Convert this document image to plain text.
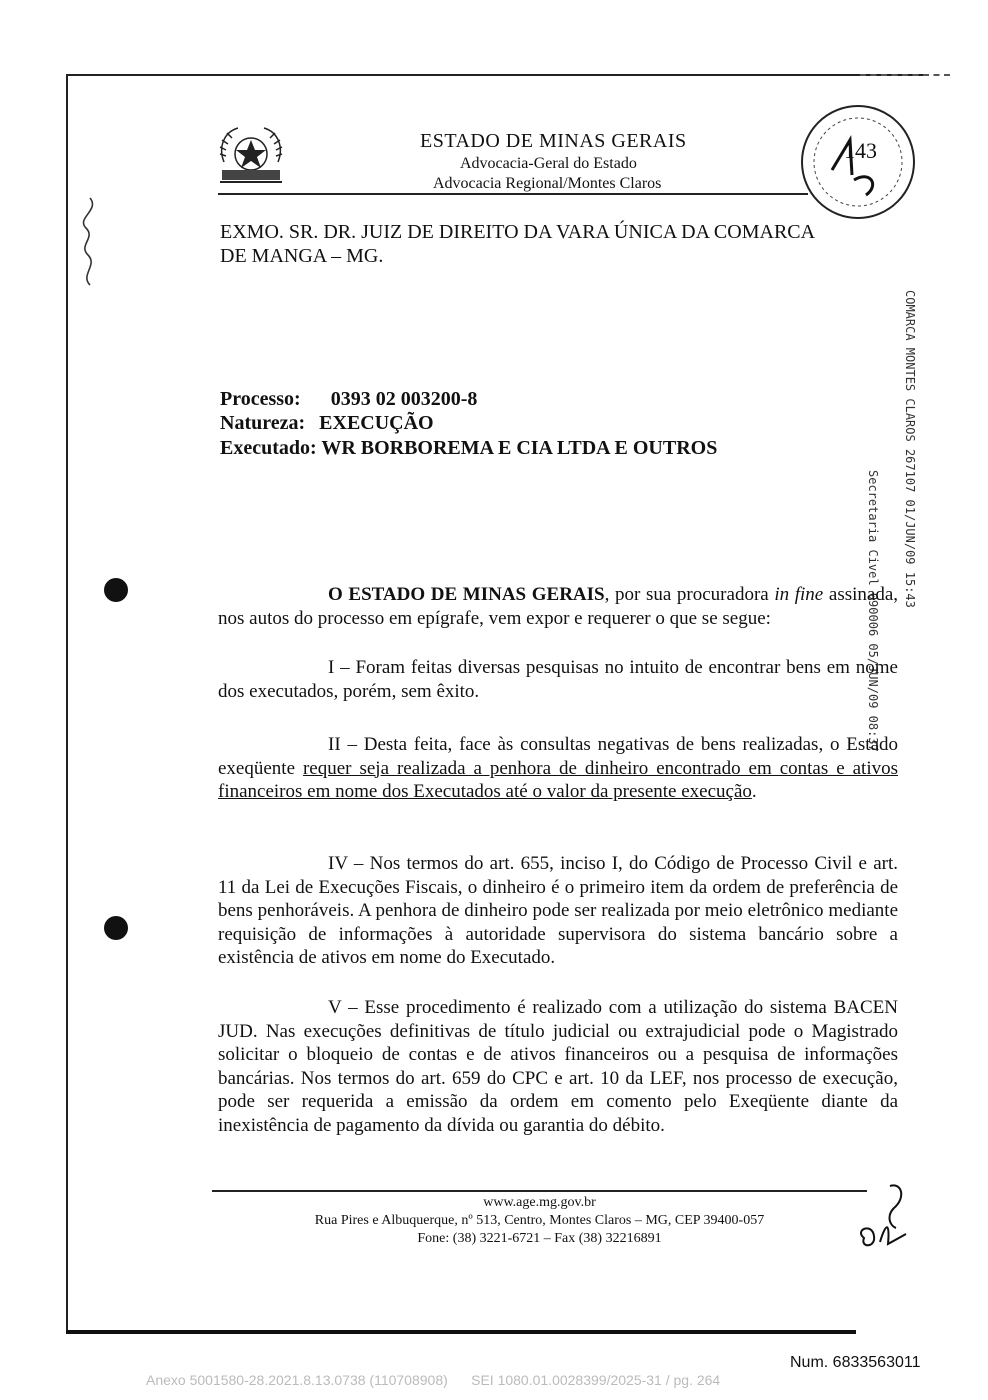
ESTADO DE MINAS GERAIS
Advocacia-Geral do Estado
Advocacia Regional/Montes Claros
143
EXMO. SR. DR. JUIZ DE DIREITO DA VARA ÚNICA DA COMARCA
DE MANGA – MG.
Processo: 0393 02 003200-8
Natureza: EXECUÇÃO
Executado: WR BORBOREMA E CIA LTDA E OUTROS	COMARCA MONTES CLAROS 267107 01/JUN/09 15:43
Secretaria Civel 090006 05/JUN/09 08:37
O ESTADO DE MINAS GERAIS, por sua procuradora in fine assinada, nos autos do processo em epígrafe, vem expor e requerer o que se segue:
I – Foram feitas diversas pesquisas no intuito de encontrar bens em nome dos executados, porém, sem êxito.
II – Desta feita, face às consultas negativas de bens realizadas, o Estado exeqüente requer seja realizada a penhora de dinheiro encontrado em contas e ativos financeiros em nome dos Executados até o valor da presente execução.
IV – Nos termos do art. 655, inciso I, do Código de Processo Civil e art. 11 da Lei de Execuções Fiscais, o dinheiro é o primeiro item da ordem de preferência de bens penhoráveis. A penhora de dinheiro pode ser realizada por meio eletrônico mediante requisição de informações à autoridade supervisora do sistema bancário sobre a existência de ativos em nome do Executado.
V – Esse procedimento é realizado com a utilização do sistema BACEN JUD. Nas execuções definitivas de título judicial ou extrajudicial pode o Magistrado solicitar o bloqueio de contas e de ativos financeiros ou a pesquisa de informações bancárias. Nos termos do art. 659 do CPC e art. 10 da LEF, nos processo de execução, pode ser requerida a emissão da ordem em comento pelo Exeqüente diante da inexistência de pagamento da dívida ou garantia do débito.
www.age.mg.gov.br
Rua Pires e Albuquerque, nº 513, Centro, Montes Claros – MG, CEP 39400-057
Fone: (38) 3221-6721 – Fax (38) 32216891
Num. 6833563011
Anexo 5001580-28.2021.8.13.0738 (110708908)      SEI 1080.01.0028399/2025-31 / pg. 264
